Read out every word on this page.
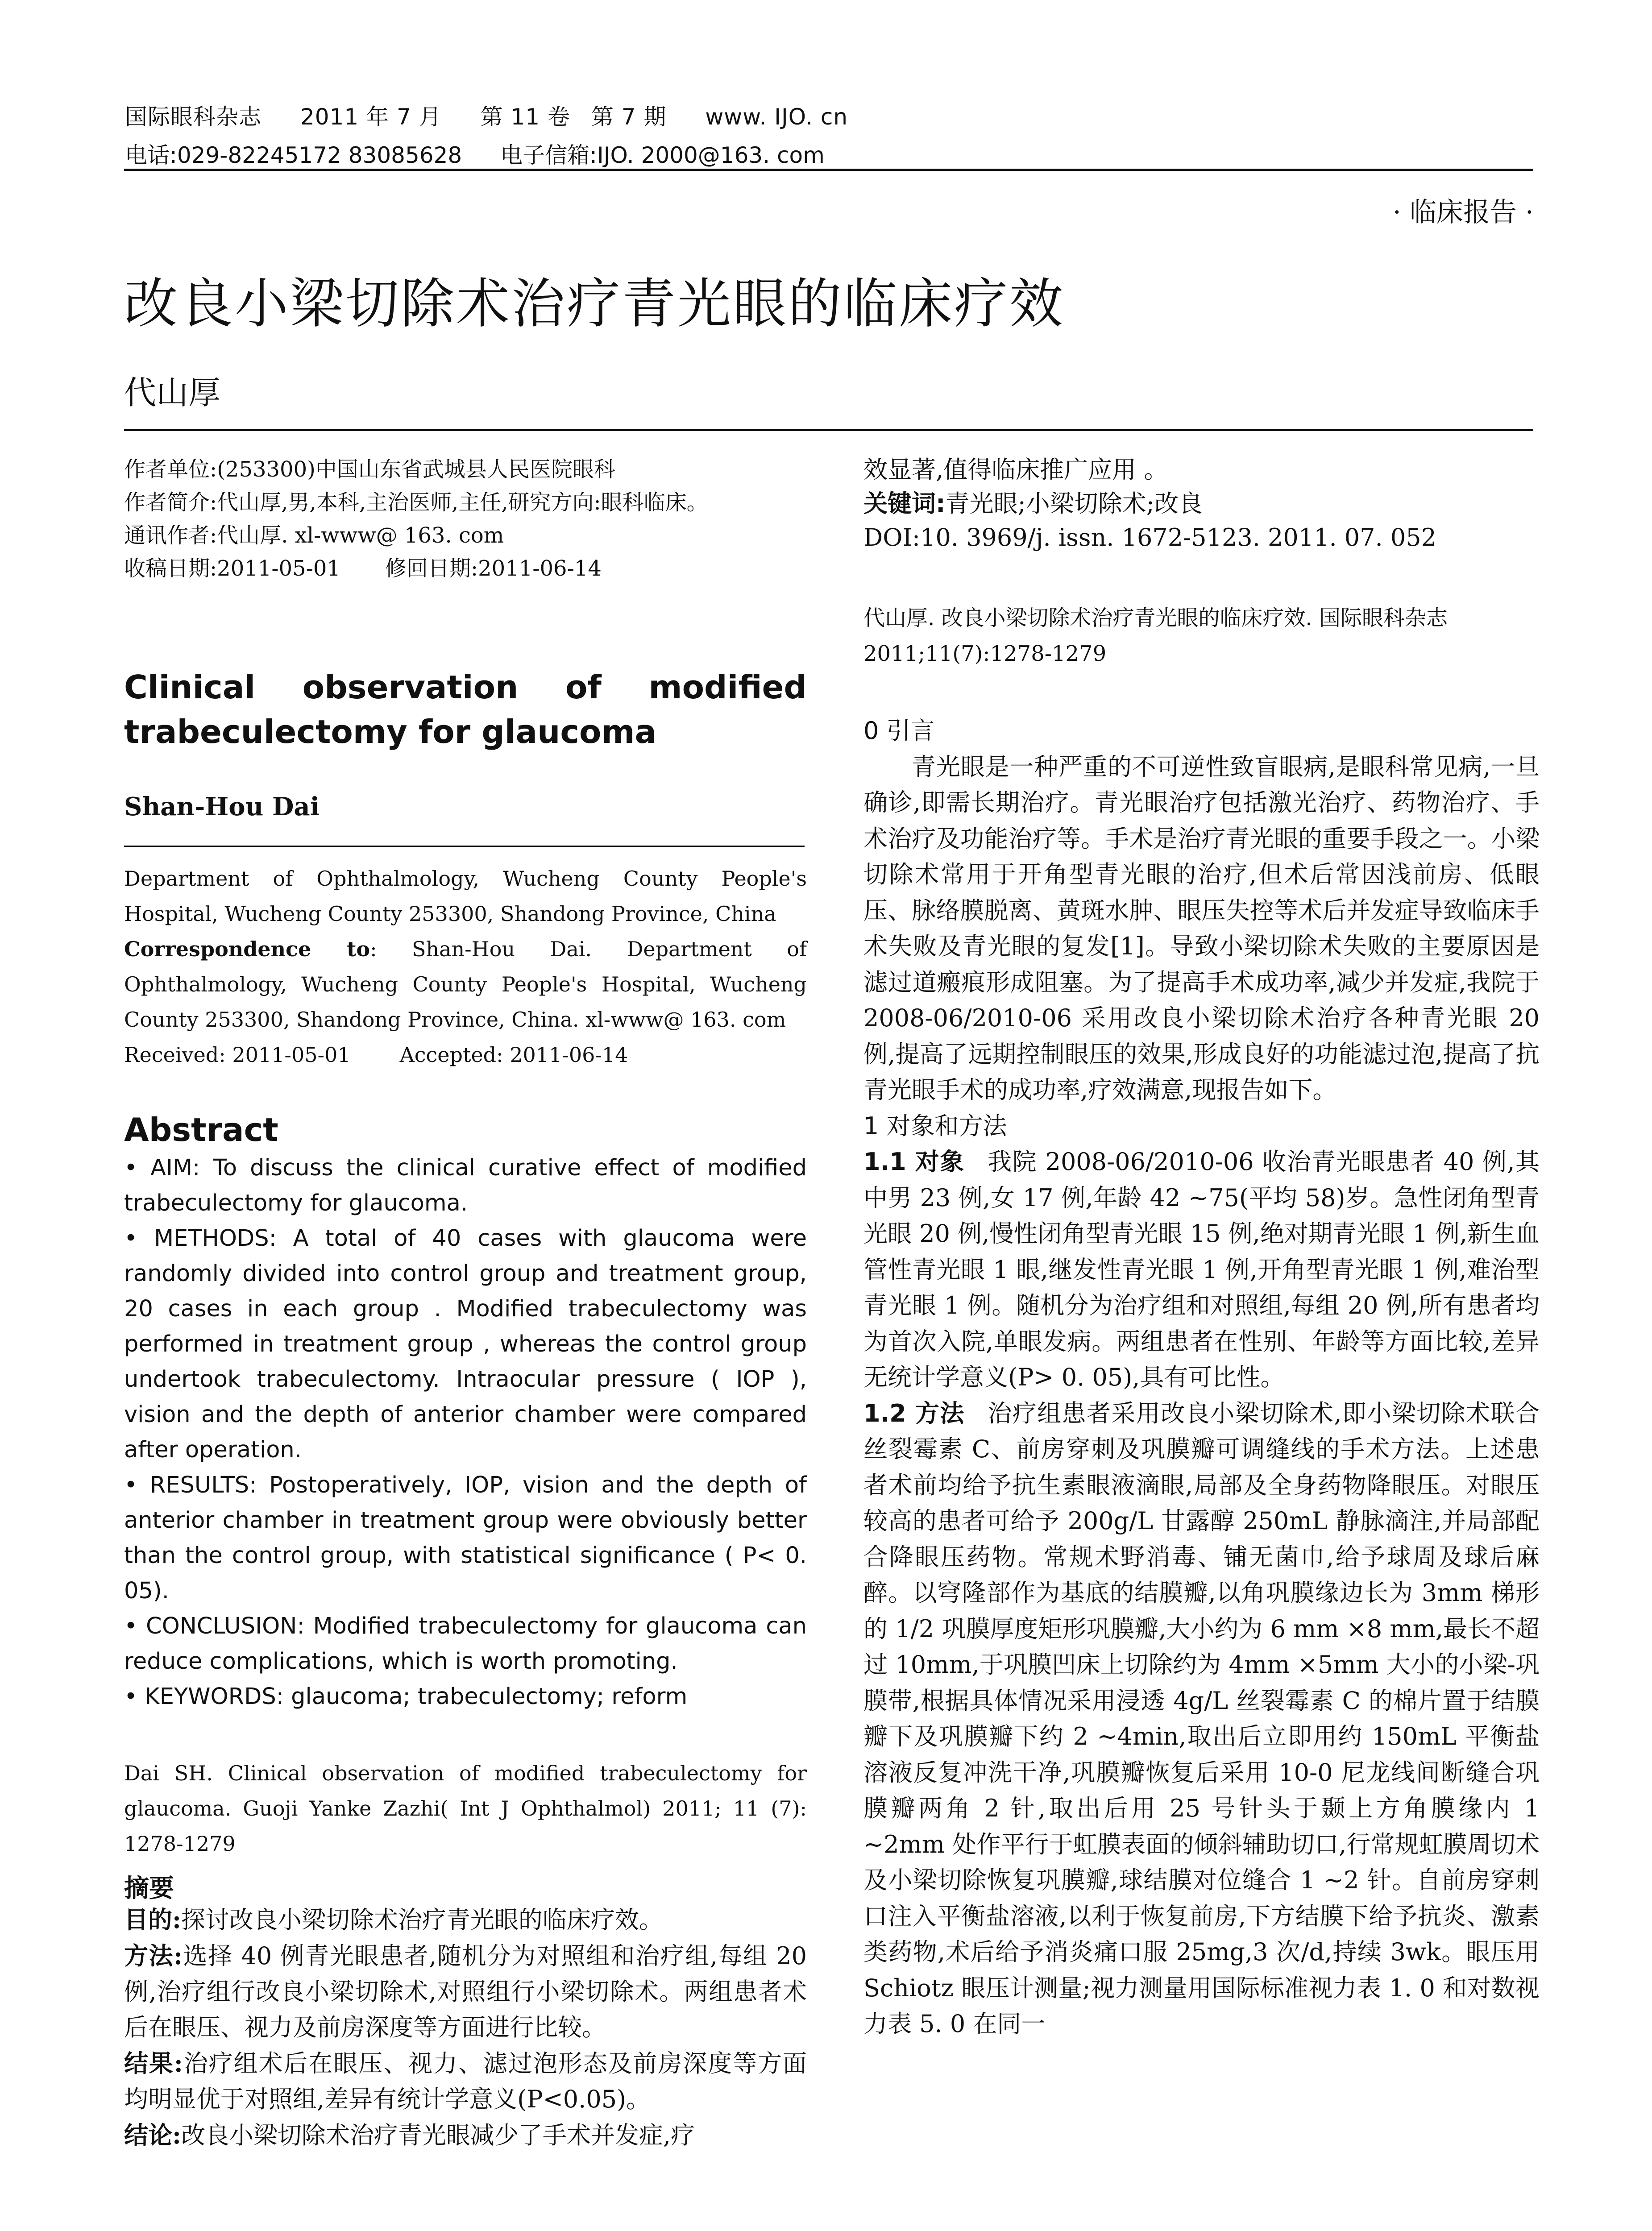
国际眼科杂志 2011 年 7 月 第 11 卷 第 7 期 www. IJO. cn
电话:029-82245172 83085628 电子信箱:IJO. 2000@163. com
· 临床报告 ·
改良小梁切除术治疗青光眼的临床疗效
代山厚

作者单位:(253300)中国山东省武城县人民医院眼科

作者简介:代山厚,男,本科,主治医师,主任,研究方向:眼科临床。

通讯作者:代山厚. xl-www@ 163. com

收稿日期:2011-05-01 修回日期:2011-06-14

Clinical   observation   of   modified
trabeculectomy for glaucoma
Shan-Hou Dai
Department of Ophthalmology, Wucheng County People's Hospital, Wucheng County 253300, Shandong Province, China
Correspondence to: Shan-Hou Dai. Department of Ophthalmology, Wucheng County People's Hospital, Wucheng County 253300, Shandong Province, China. xl-www@ 163. com
Received: 2011-05-01 Accepted: 2011-06-14
Abstract

• AIM: To discuss the clinical curative effect of modified trabeculectomy for glaucoma.

• METHODS: A total of 40 cases with glaucoma were randomly divided into control group and treatment group, 20 cases in each group . Modified trabeculectomy was performed in treatment group , whereas the control group undertook trabeculectomy. Intraocular pressure ( IOP ), vision and the depth of anterior chamber were compared after operation.

• RESULTS: Postoperatively, IOP, vision and the depth of anterior chamber in treatment group were obviously better than the control group, with statistical significance ( P< 0. 05).

• CONCLUSION: Modified trabeculectomy for glaucoma can reduce complications, which is worth promoting.

• KEYWORDS: glaucoma; trabeculectomy; reform

Dai SH. Clinical observation of modified trabeculectomy for glaucoma. Guoji Yanke Zazhi( Int J Ophthalmol) 2011; 11 (7): 1278-1279
摘要

目的:探讨改良小梁切除术治疗青光眼的临床疗效。

方法:选择 40 例青光眼患者,随机分为对照组和治疗组,每组 20 例,治疗组行改良小梁切除术,对照组行小梁切除术。两组患者术后在眼压、视力及前房深度等方面进行比较。

结果:治疗组术后在眼压、视力、滤过泡形态及前房深度等方面均明显优于对照组,差异有统计学意义(P<0.05)。

结论:改良小梁切除术治疗青光眼减少了手术并发症,疗

效显著,值得临床推广应用 。

关键词:青光眼;小梁切除术;改良

DOI:10. 3969/j. issn. 1672-5123. 2011. 07. 052

代山厚. 改良小梁切除术治疗青光眼的临床疗效. 国际眼科杂志 2011;11(7):1278-1279

0 引言

青光眼是一种严重的不可逆性致盲眼病,是眼科常见病,一旦确诊,即需长期治疗。青光眼治疗包括激光治疗、药物治疗、手术治疗及功能治疗等。手术是治疗青光眼的重要手段之一。小梁切除术常用于开角型青光眼的治疗,但术后常因浅前房、低眼压、脉络膜脱离、黄斑水肿、眼压失控等术后并发症导致临床手术失败及青光眼的复发[1]。导致小梁切除术失败的主要原因是滤过道瘢痕形成阻塞。为了提高手术成功率,减少并发症,我院于 2008-06/2010-06 采用改良小梁切除术治疗各种青光眼 20 例,提高了远期控制眼压的效果,形成良好的功能滤过泡,提高了抗青光眼手术的成功率,疗效满意,现报告如下。

1 对象和方法

1.1 对象 我院 2008-06/2010-06 收治青光眼患者 40 例,其中男 23 例,女 17 例,年龄 42 ~75(平均 58)岁。急性闭角型青光眼 20 例,慢性闭角型青光眼 15 例,绝对期青光眼 1 例,新生血管性青光眼 1 眼,继发性青光眼 1 例,开角型青光眼 1 例,难治型青光眼 1 例。随机分为治疗组和对照组,每组 20 例,所有患者均为首次入院,单眼发病。两组患者在性别、年龄等方面比较,差异无统计学意义(P> 0. 05),具有可比性。

1.2 方法 治疗组患者采用改良小梁切除术,即小梁切除术联合丝裂霉素 C、前房穿刺及巩膜瓣可调缝线的手术方法。上述患者术前均给予抗生素眼液滴眼,局部及全身药物降眼压。对眼压较高的患者可给予 200g/L 甘露醇 250mL 静脉滴注,并局部配合降眼压药物。常规术野消毒、铺无菌巾,给予球周及球后麻醉。以穹隆部作为基底的结膜瓣,以角巩膜缘边长为 3mm 梯形的 1/2 巩膜厚度矩形巩膜瓣,大小约为 6 mm ×8 mm,最长不超过 10mm,于巩膜凹床上切除约为 4mm ×5mm 大小的小梁-巩膜带,根据具体情况采用浸透 4g/L 丝裂霉素 C 的棉片置于结膜瓣下及巩膜瓣下约 2 ~4min,取出后立即用约 150mL 平衡盐溶液反复冲洗干净,巩膜瓣恢复后采用 10-0 尼龙线间断缝合巩膜瓣两角 2 针,取出后用 25 号针头于颞上方角膜缘内 1 ~2mm 处作平行于虹膜表面的倾斜辅助切口,行常规虹膜周切术及小梁切除恢复巩膜瓣,球结膜对位缝合 1 ~2 针。自前房穿刺口注入平衡盐溶液,以利于恢复前房,下方结膜下给予抗炎、激素类药物,术后给予消炎痛口服 25mg,3 次/d,持续 3wk。眼压用 Schiotz 眼压计测量;视力测量用国际标准视力表 1. 0 和对数视力表 5. 0 在同一
